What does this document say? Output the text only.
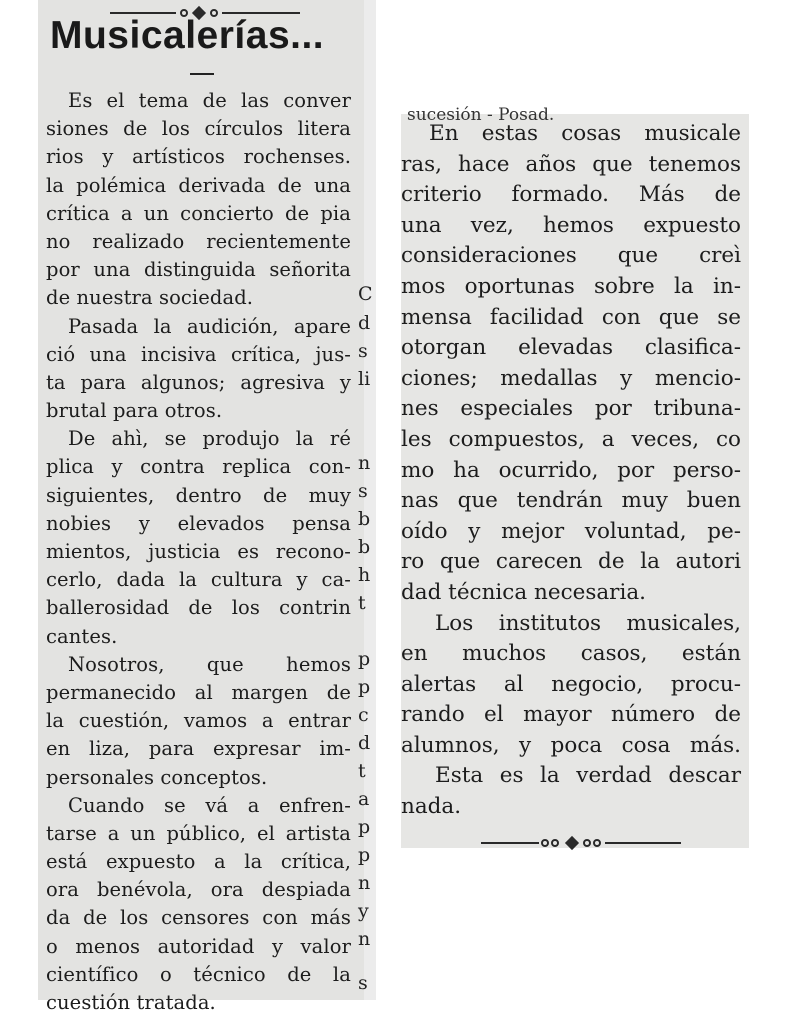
Musicalerías...
Es el tema de las conver
siones de los círculos litera
rios y artísticos rochenses.
la polémica derivada de una
crítica a un concierto de pia
no realizado recientemente
por una distinguida señorita
de nuestra sociedad.
Pasada la audición, apare
ció una incisiva crítica, jus-
ta para algunos; agresiva y
brutal para otros.
De ahì, se produjo la ré
plica y contra replica con-
siguientes, dentro de muy
nobies y elevados pensa
mientos, justicia es recono-
cerlo, dada la cultura y ca-
ballerosidad de los contrin
cantes.
Nosotros, que hemos
permanecido al margen de
la cuestión, vamos a entrar
en liza, para expresar im-
personales conceptos.
Cuando se vá a enfren-
tarse a un público, el artista
está expuesto a la crítica,
ora benévola, ora despiada
da de los censores con más
o menos autoridad y valor
científico o técnico de la
cuestión tratada.
C
d
s
li
n
s
b
b
h
t
p
p
c
d
t
a
p
p
n
y
n
s
sucesión - Posad.
En estas cosas musicale
ras, hace años que tenemos
criterio formado. Más de
una vez, hemos expuesto
consideraciones que creì
mos oportunas sobre la in-
mensa facilidad con que se
otorgan elevadas clasifica-
ciones; medallas y mencio-
nes especiales por tribuna-
les compuestos, a veces, co
mo ha ocurrido, por perso-
nas que tendrán muy buen
oído y mejor voluntad, pe-
ro que carecen de la autori
dad técnica necesaria.
Los institutos musicales,
en muchos casos, están
alertas al negocio, procu-
rando el mayor número de
alumnos, y poca cosa más.
Esta es la verdad descar
nada.
